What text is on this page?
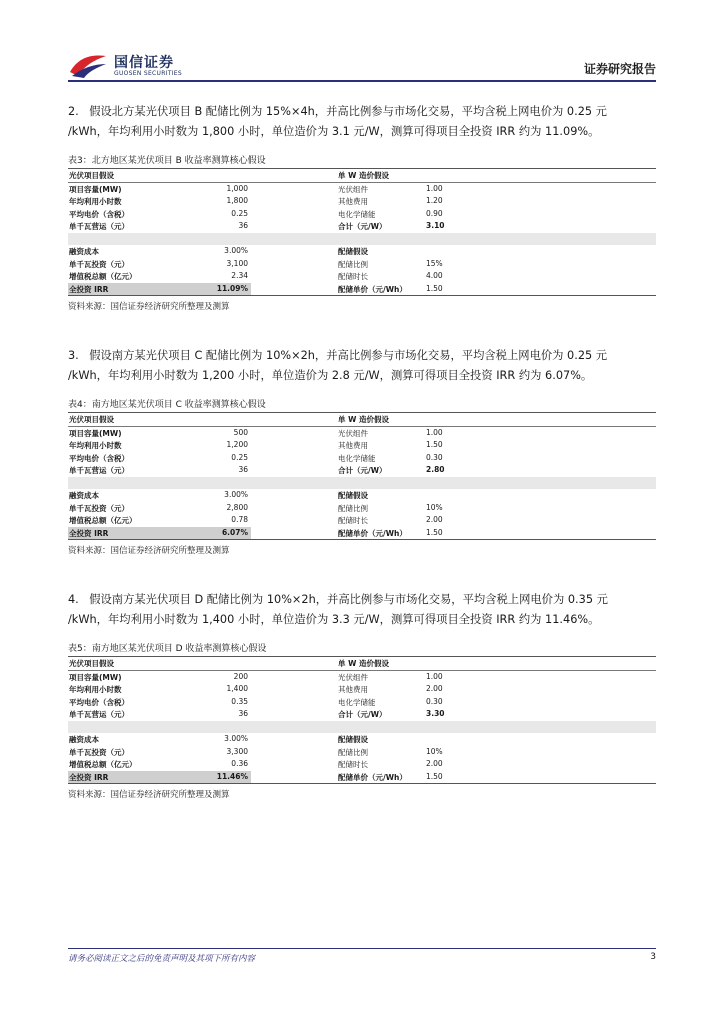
国信证券
GUOSEN SECURITIES	证券研究报告
2. 假设北方某光伏项目 B 配储比例为 15%×4h，并高比例参与市场化交易，平均含税上网电价为 0.25 元
/kWh，年均利用小时数为 1,800 小时，单位造价为 3.1 元/W，测算可得项目全投资 IRR 约为 11.09%。
表3：北方地区某光伏项目 B 收益率测算核心假设
光伏项目假设	单 W 造价假设
项目容量(MW)	1,000	光伏组件	1.00
年均利用小时数	1,800	其他费用	1.20
平均电价（含税）	0.25	电化学储能	0.90
单千瓦营运（元）	36	合计（元/W）	3.10
融资成本	3.00%	配储假设
单千瓦投资（元）	3,100	配储比例	15%
增值税总额（亿元）	2.34	配储时长	4.00
全投资 IRR	11.09%	配储单价（元/Wh）	1.50
资料来源：国信证券经济研究所整理及测算
3. 假设南方某光伏项目 C 配储比例为 10%×2h，并高比例参与市场化交易，平均含税上网电价为 0.25 元
/kWh，年均利用小时数为 1,200 小时，单位造价为 2.8 元/W，测算可得项目全投资 IRR 约为 6.07%。
表4：南方地区某光伏项目 C 收益率测算核心假设
光伏项目假设	单 W 造价假设
项目容量(MW)	500	光伏组件	1.00
年均利用小时数	1,200	其他费用	1.50
平均电价（含税）	0.25	电化学储能	0.30
单千瓦营运（元）	36	合计（元/W）	2.80
融资成本	3.00%	配储假设
单千瓦投资（元）	2,800	配储比例	10%
增值税总额（亿元）	0.78	配储时长	2.00
全投资 IRR	6.07%	配储单价（元/Wh）	1.50
资料来源：国信证券经济研究所整理及测算
4. 假设南方某光伏项目 D 配储比例为 10%×2h，并高比例参与市场化交易，平均含税上网电价为 0.35 元
/kWh，年均利用小时数为 1,400 小时，单位造价为 3.3 元/W，测算可得项目全投资 IRR 约为 11.46%。
表5：南方地区某光伏项目 D 收益率测算核心假设
光伏项目假设	单 W 造价假设
项目容量(MW)	200	光伏组件	1.00
年均利用小时数	1,400	其他费用	2.00
平均电价（含税）	0.35	电化学储能	0.30
单千瓦营运（元）	36	合计（元/W）	3.30
融资成本	3.00%	配储假设
单千瓦投资（元）	3,300	配储比例	10%
增值税总额（亿元）	0.36	配储时长	2.00
全投资 IRR	11.46%	配储单价（元/Wh）	1.50
资料来源：国信证券经济研究所整理及测算
请务必阅读正文之后的免责声明及其项下所有内容	3
